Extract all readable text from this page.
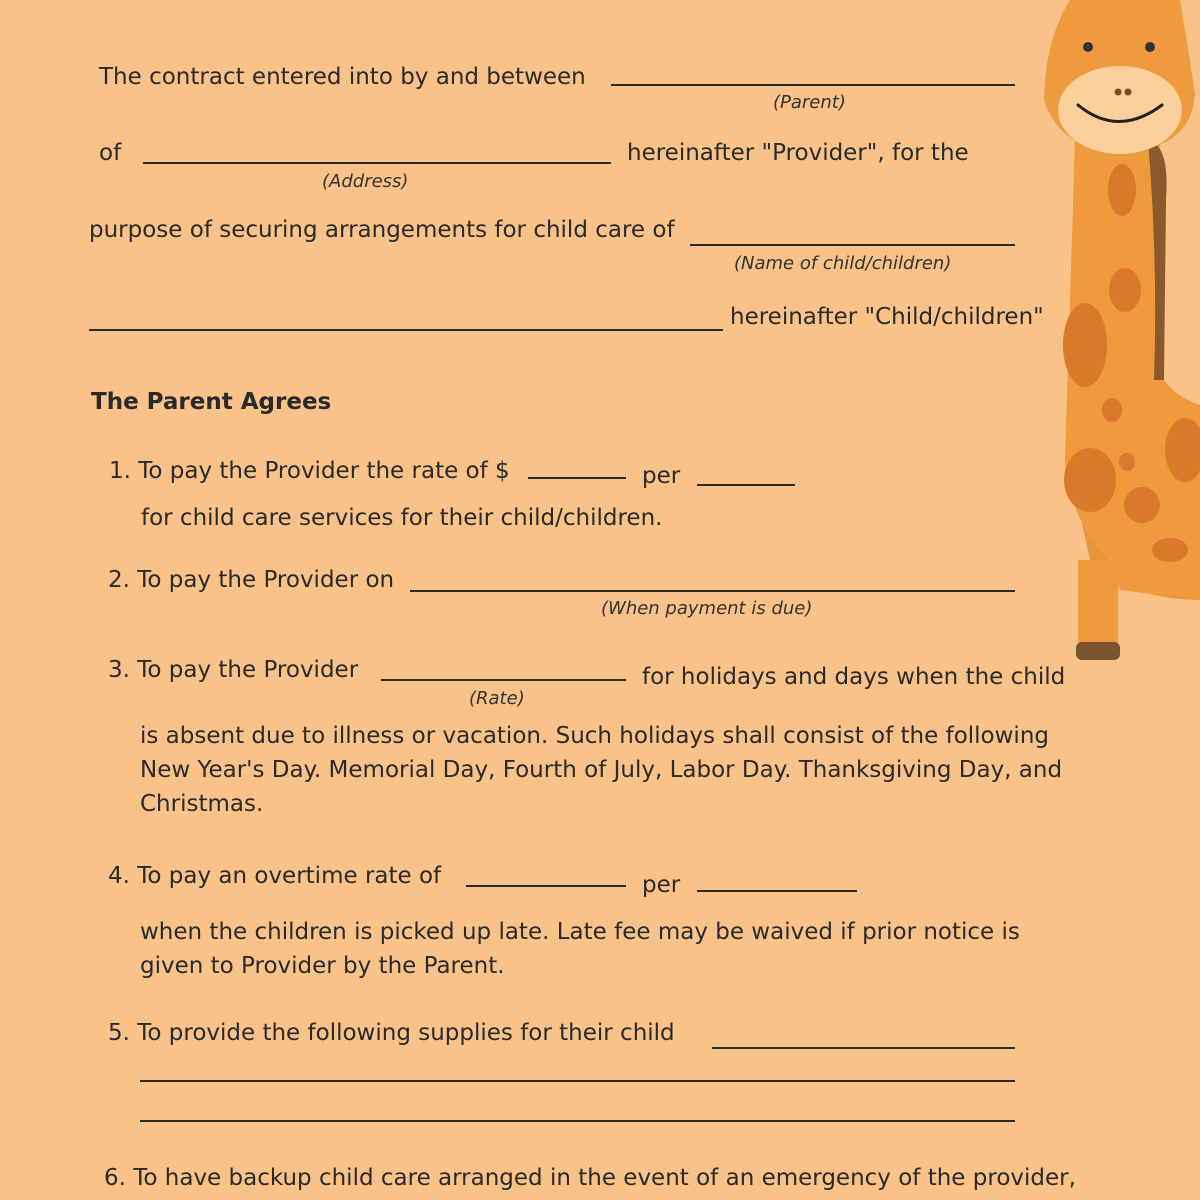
The contract entered into by and between
(Parent)
of
(Address)
hereinafter "Provider", for the
purpose of securing arrangements for child care of
(Name of child/children)
hereinafter "Child/children"
The Parent Agrees
1. To pay the Provider the rate of $	per
for child care services for their child/children.
2. To pay the Provider on
(When payment is due)
3. To pay the Provider
(Rate)
for holidays and days when the child
is absent due to illness or vacation. Such holidays shall consist of the following New Year's Day. Memorial Day, Fourth of July, Labor Day. Thanksgiving Day, and Christmas.
4. To pay an overtime rate of	per
when the children is picked up late. Late fee may be waived if prior notice is given to Provider by the Parent.
5. To provide the following supplies for their child
6. To have backup child care arranged in the event of an emergency of the provider,
